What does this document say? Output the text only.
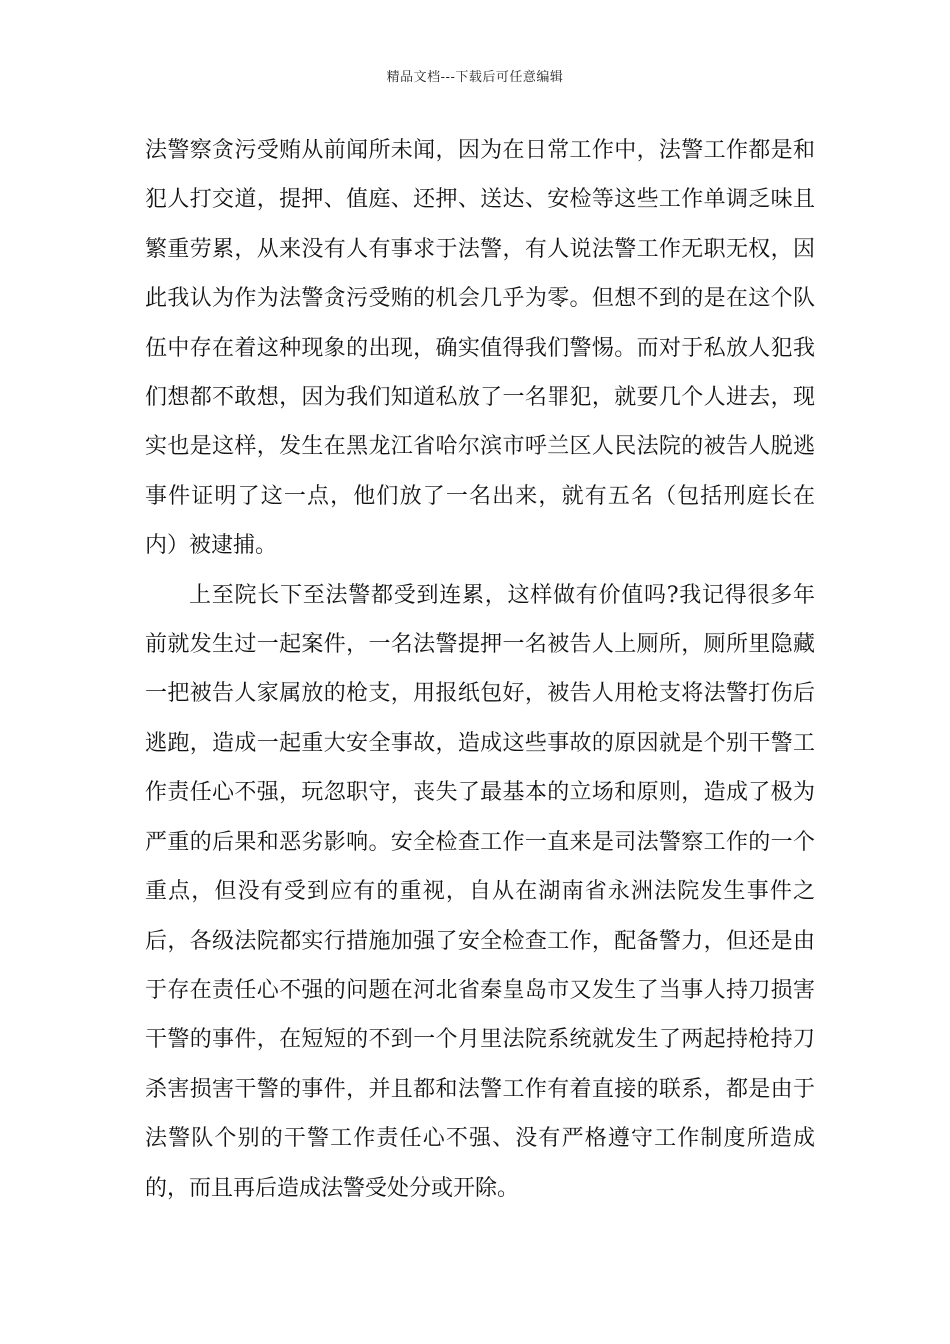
精品文档---下载后可任意编辑

法警察贪污受贿从前闻所未闻，因为在日常工作中，法警工作都是和犯人打交道，提押、值庭、还押、送达、安检等这些工作单调乏味且繁重劳累，从来没有人有事求于法警，有人说法警工作无职无权，因此我认为作为法警贪污受贿的机会几乎为零。但想不到的是在这个队伍中存在着这种现象的出现，确实值得我们警惕。而对于私放人犯我们想都不敢想，因为我们知道私放了一名罪犯，就要几个人进去，现实也是这样，发生在黑龙江省哈尔滨市呼兰区人民法院的被告人脱逃事件证明了这一点，他们放了一名出来，就有五名（包括刑庭长在内）被逮捕。

上至院长下至法警都受到连累，这样做有价值吗?我记得很多年前就发生过一起案件，一名法警提押一名被告人上厕所，厕所里隐藏一把被告人家属放的枪支，用报纸包好，被告人用枪支将法警打伤后逃跑，造成一起重大安全事故，造成这些事故的原因就是个别干警工作责任心不强，玩忽职守，丧失了最基本的立场和原则，造成了极为严重的后果和恶劣影响。安全检查工作一直来是司法警察工作的一个重点，但没有受到应有的重视，自从在湖南省永洲法院发生事件之后，各级法院都实行措施加强了安全检查工作，配备警力，但还是由于存在责任心不强的问题在河北省秦皇岛市又发生了当事人持刀损害干警的事件，在短短的不到一个月里法院系统就发生了两起持枪持刀杀害损害干警的事件，并且都和法警工作有着直接的联系，都是由于法警队个别的干警工作责任心不强、没有严格遵守工作制度所造成的，而且再后造成法警受处分或开除。
